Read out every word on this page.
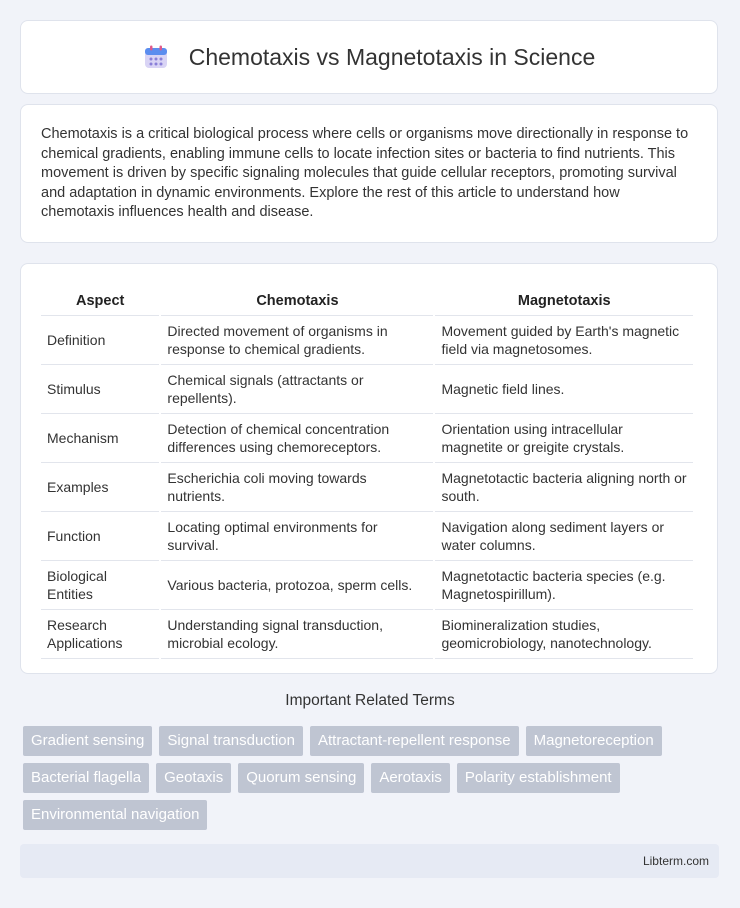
Chemotaxis vs Magnetotaxis in Science
Chemotaxis is a critical biological process where cells or organisms move directionally in response to chemical gradients, enabling immune cells to locate infection sites or bacteria to find nutrients. This movement is driven by specific signaling molecules that guide cellular receptors, promoting survival and adaptation in dynamic environments. Explore the rest of this article to understand how chemotaxis influences health and disease.
Aspect	Chemotaxis	Magnetotaxis
Definition	Directed movement of organisms in response to chemical gradients.	Movement guided by Earth's magnetic field via magnetosomes.
Stimulus	Chemical signals (attractants or repellents).	Magnetic field lines.
Mechanism	Detection of chemical concentration differences using chemoreceptors.	Orientation using intracellular magnetite or greigite crystals.
Examples	Escherichia coli moving towards nutrients.	Magnetotactic bacteria aligning north or south.
Function	Locating optimal environments for survival.	Navigation along sediment layers or water columns.
Biological Entities	Various bacteria, protozoa, sperm cells.	Magnetotactic bacteria species (e.g. Magnetospirillum).
Research Applications	Understanding signal transduction, microbial ecology.	Biomineralization studies, geomicrobiology, nanotechnology.
Important Related Terms
Gradient sensing	Signal transduction	Attractant-repellent response	Magnetoreception
Bacterial flagella	Geotaxis	Quorum sensing	Aerotaxis	Polarity establishment
Environmental navigation
Libterm.com
